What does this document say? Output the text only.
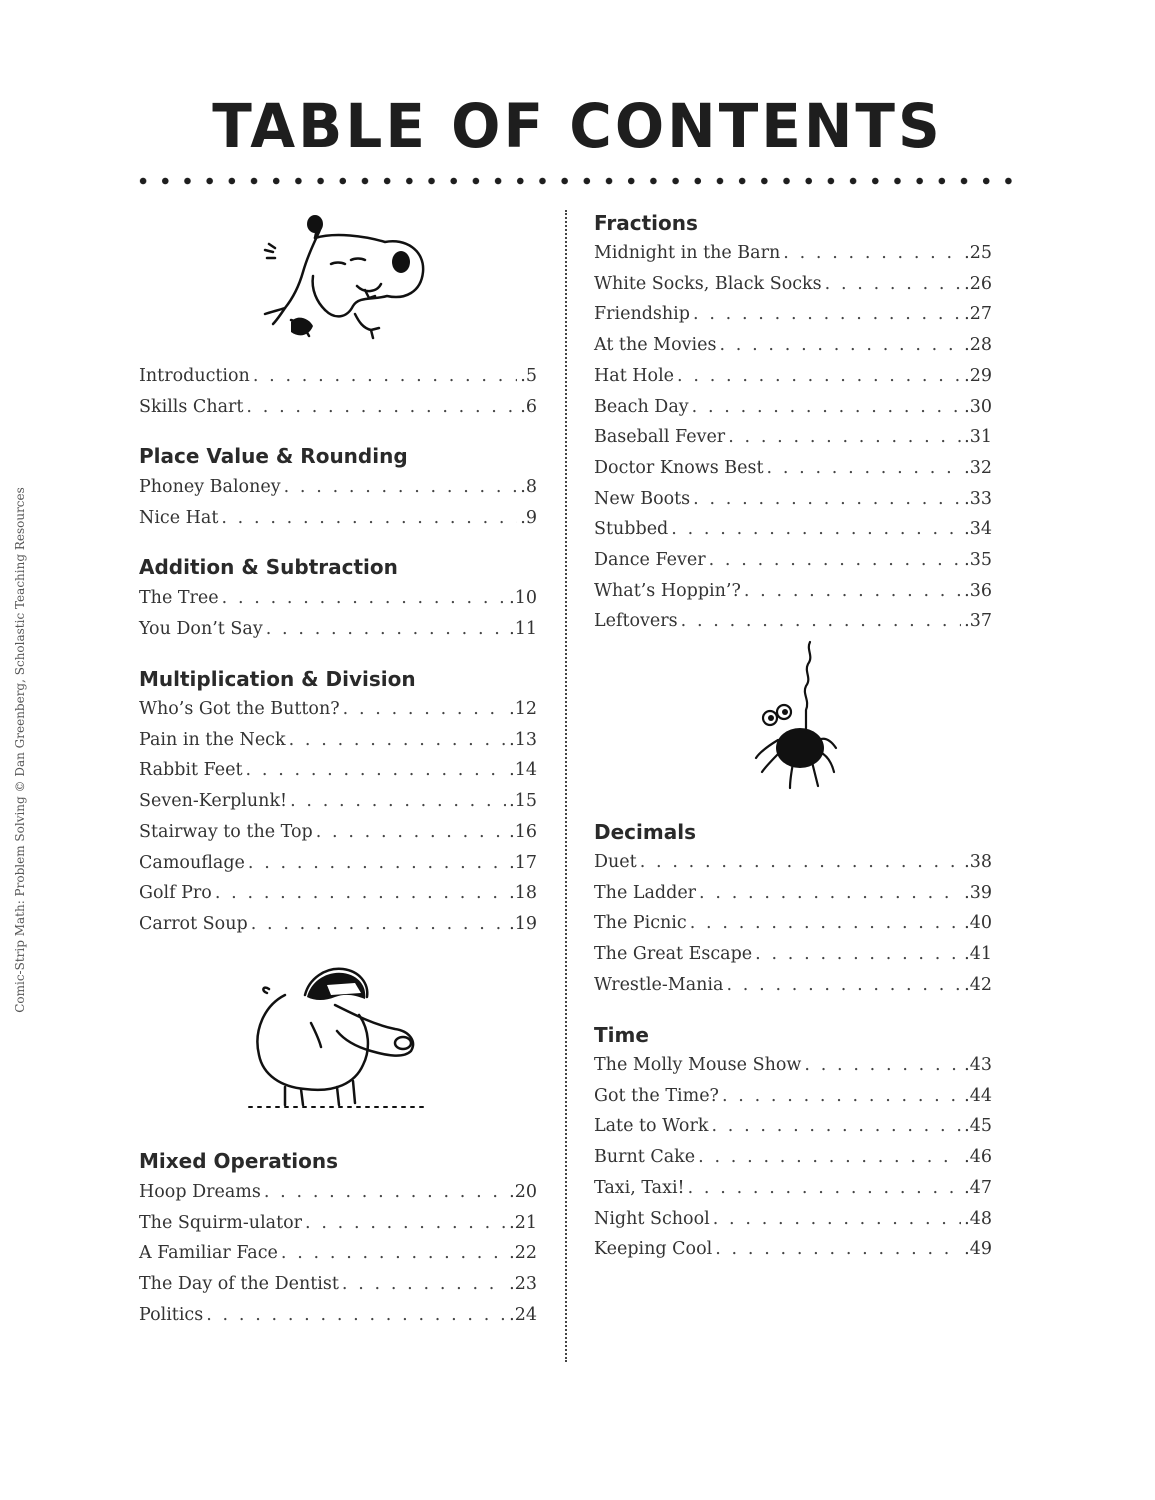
TABLE OF CONTENTS
Comic-Strip Math: Problem Solving © Dan Greenberg, Scholastic Teaching Resources
Introduction . . .	.5
Skills Chart . . .	.6
Place Value & Rounding
Phoney Baloney . . .	.8
Nice Hat . . .	.9
Addition & Subtraction
The Tree . . .	.10
You Don’t Say . . .	.11
Multiplication & Division
Who’s Got the Button? . . .	.12
Pain in the Neck . . .	.13
Rabbit Feet . . .	.14
Seven-Kerplunk! . . .	.15
Stairway to the Top . . .	.16
Camouflage . . .	.17
Golf Pro . . .	.18
Carrot Soup . . .	.19
Mixed Operations
Hoop Dreams . . .	.20
The Squirm-ulator . . .	.21
A Familiar Face . . .	.22
The Day of the Dentist . . .	.23
Politics . . .	.24
Fractions
Midnight in the Barn . . .	.25
White Socks, Black Socks . . .	.26
Friendship . . .	.27
At the Movies . . .	.28
Hat Hole . . .	.29
Beach Day . . .	.30
Baseball Fever . . .	.31
Doctor Knows Best . . .	.32
New Boots . . .	.33
Stubbed . . .	.34
Dance Fever . . .	.35
What’s Hoppin’? . . .	.36
Leftovers . . .	.37
Decimals
Duet . . .	.38
The Ladder . . .	.39
The Picnic . . .	.40
The Great Escape . . .	.41
Wrestle-Mania . . .	.42
Time
The Molly Mouse Show . . .	.43
Got the Time? . . .	.44
Late to Work . . .	.45
Burnt Cake . . .	.46
Taxi, Taxi! . . .	.47
Night School . . .	.48
Keeping Cool . . .	.49
